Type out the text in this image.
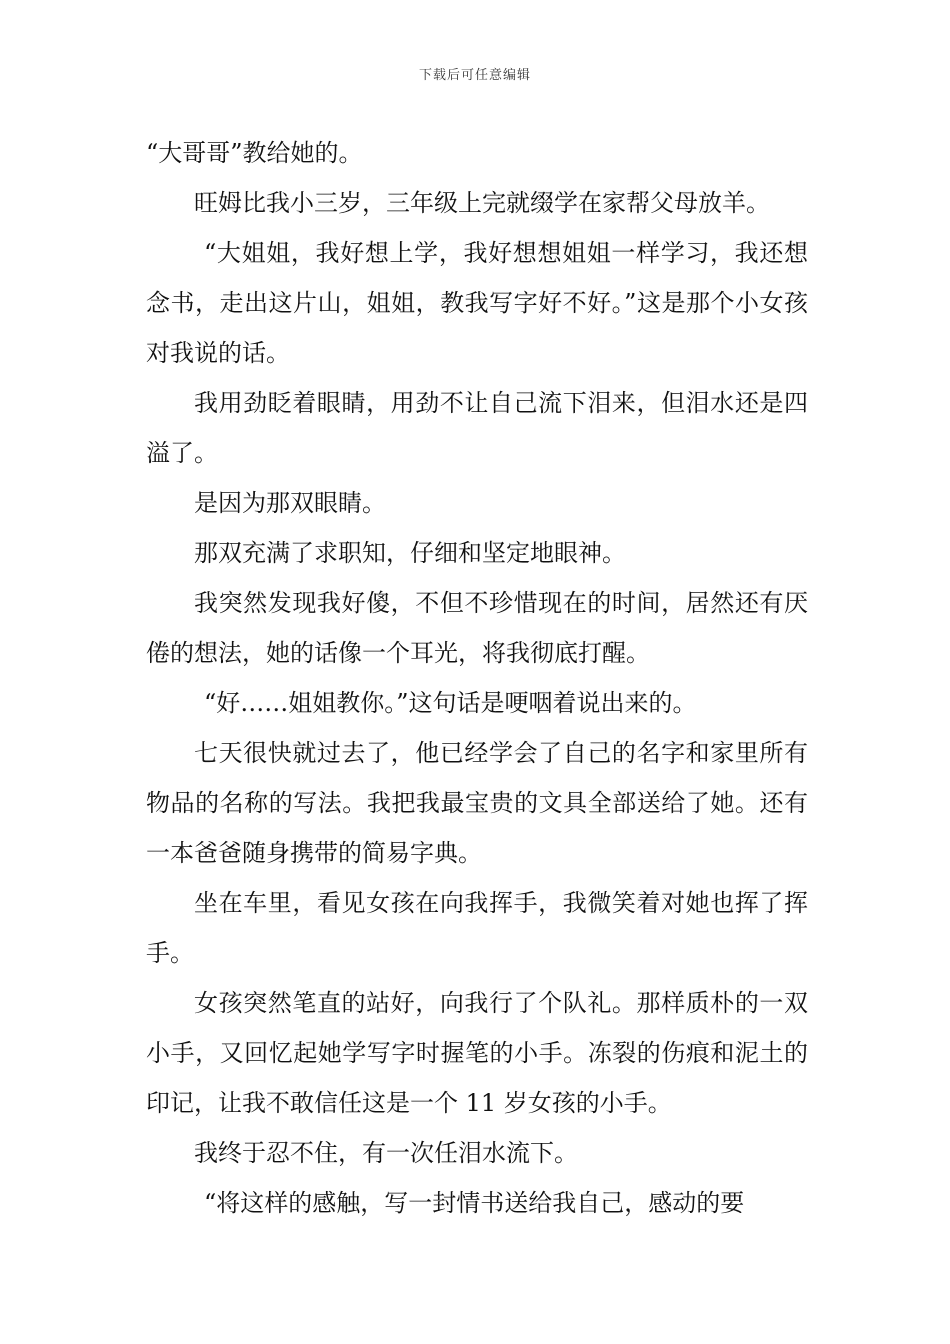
下载后可任意编辑

“大哥哥”教给她的。

旺姆比我小三岁，三年级上完就缀学在家帮父母放羊。

“大姐姐，我好想上学，我好想想姐姐一样学习，我还想念书，走出这片山，姐姐，教我写字好不好。”这是那个小女孩对我说的话。

我用劲眨着眼睛，用劲不让自己流下泪来，但泪水还是四溢了。

是因为那双眼睛。

那双充满了求职知，仔细和坚定地眼神。

我突然发现我好傻，不但不珍惜现在的时间，居然还有厌倦的想法，她的话像一个耳光，将我彻底打醒。

“好……姐姐教你。”这句话是哽咽着说出来的。

七天很快就过去了，他已经学会了自己的名字和家里所有物品的名称的写法。我把我最宝贵的文具全部送给了她。还有一本爸爸随身携带的简易字典。

坐在车里，看见女孩在向我挥手，我微笑着对她也挥了挥手。

女孩突然笔直的站好，向我行了个队礼。那样质朴的一双小手，又回忆起她学写字时握笔的小手。冻裂的伤痕和泥土的印记，让我不敢信任这是一个 11 岁女孩的小手。

我终于忍不住，有一次任泪水流下。

“将这样的感触，写一封情书送给我自己，感动的要
